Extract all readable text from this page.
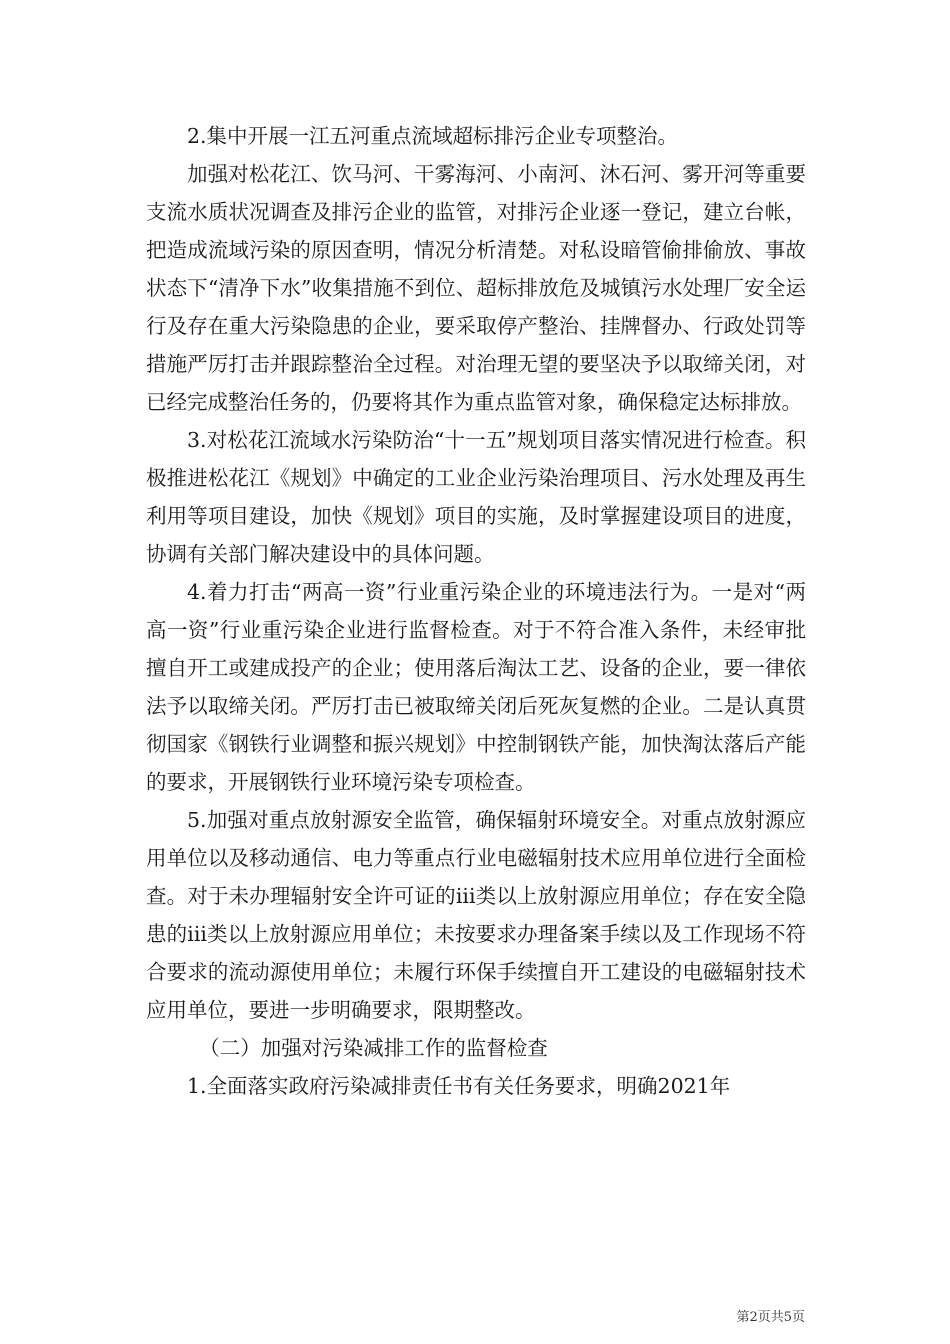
2.集中开展一江五河重点流域超标排污企业专项整治。

加强对松花江、饮马河、干雾海河、小南河、沐石河、雾开河等重要支流水质状况调查及排污企业的监管，对排污企业逐一登记，建立台帐，把造成流域污染的原因查明，情况分析清楚。对私设暗管偷排偷放、事故状态下“清净下水”收集措施不到位、超标排放危及城镇污水处理厂安全运行及存在重大污染隐患的企业，要采取停产整治、挂牌督办、行政处罚等措施严厉打击并跟踪整治全过程。对治理无望的要坚决予以取缔关闭，对已经完成整治任务的，仍要将其作为重点监管对象，确保稳定达标排放。

3.对松花江流域水污染防治“十一五”规划项目落实情况进行检查。积极推进松花江《规划》中确定的工业企业污染治理项目、污水处理及再生利用等项目建设，加快《规划》项目的实施，及时掌握建设项目的进度，协调有关部门解决建设中的具体问题。

4.着力打击“两高一资”行业重污染企业的环境违法行为。一是对“两高一资”行业重污染企业进行监督检查。对于不符合准入条件，未经审批擅自开工或建成投产的企业；使用落后淘汰工艺、设备的企业，要一律依法予以取缔关闭。严厉打击已被取缔关闭后死灰复燃的企业。二是认真贯彻国家《钢铁行业调整和振兴规划》中控制钢铁产能，加快淘汰落后产能的要求，开展钢铁行业环境污染专项检查。

5.加强对重点放射源安全监管，确保辐射环境安全。对重点放射源应用单位以及移动通信、电力等重点行业电磁辐射技术应用单位进行全面检查。对于未办理辐射安全许可证的iii类以上放射源应用单位；存在安全隐患的iii类以上放射源应用单位；未按要求办理备案手续以及工作现场不符合要求的流动源使用单位；未履行环保手续擅自开工建设的电磁辐射技术应用单位，要进一步明确要求，限期整改。

（二）加强对污染减排工作的监督检查

1.全面落实政府污染减排责任书有关任务要求，明确2021年

第2页共5页
